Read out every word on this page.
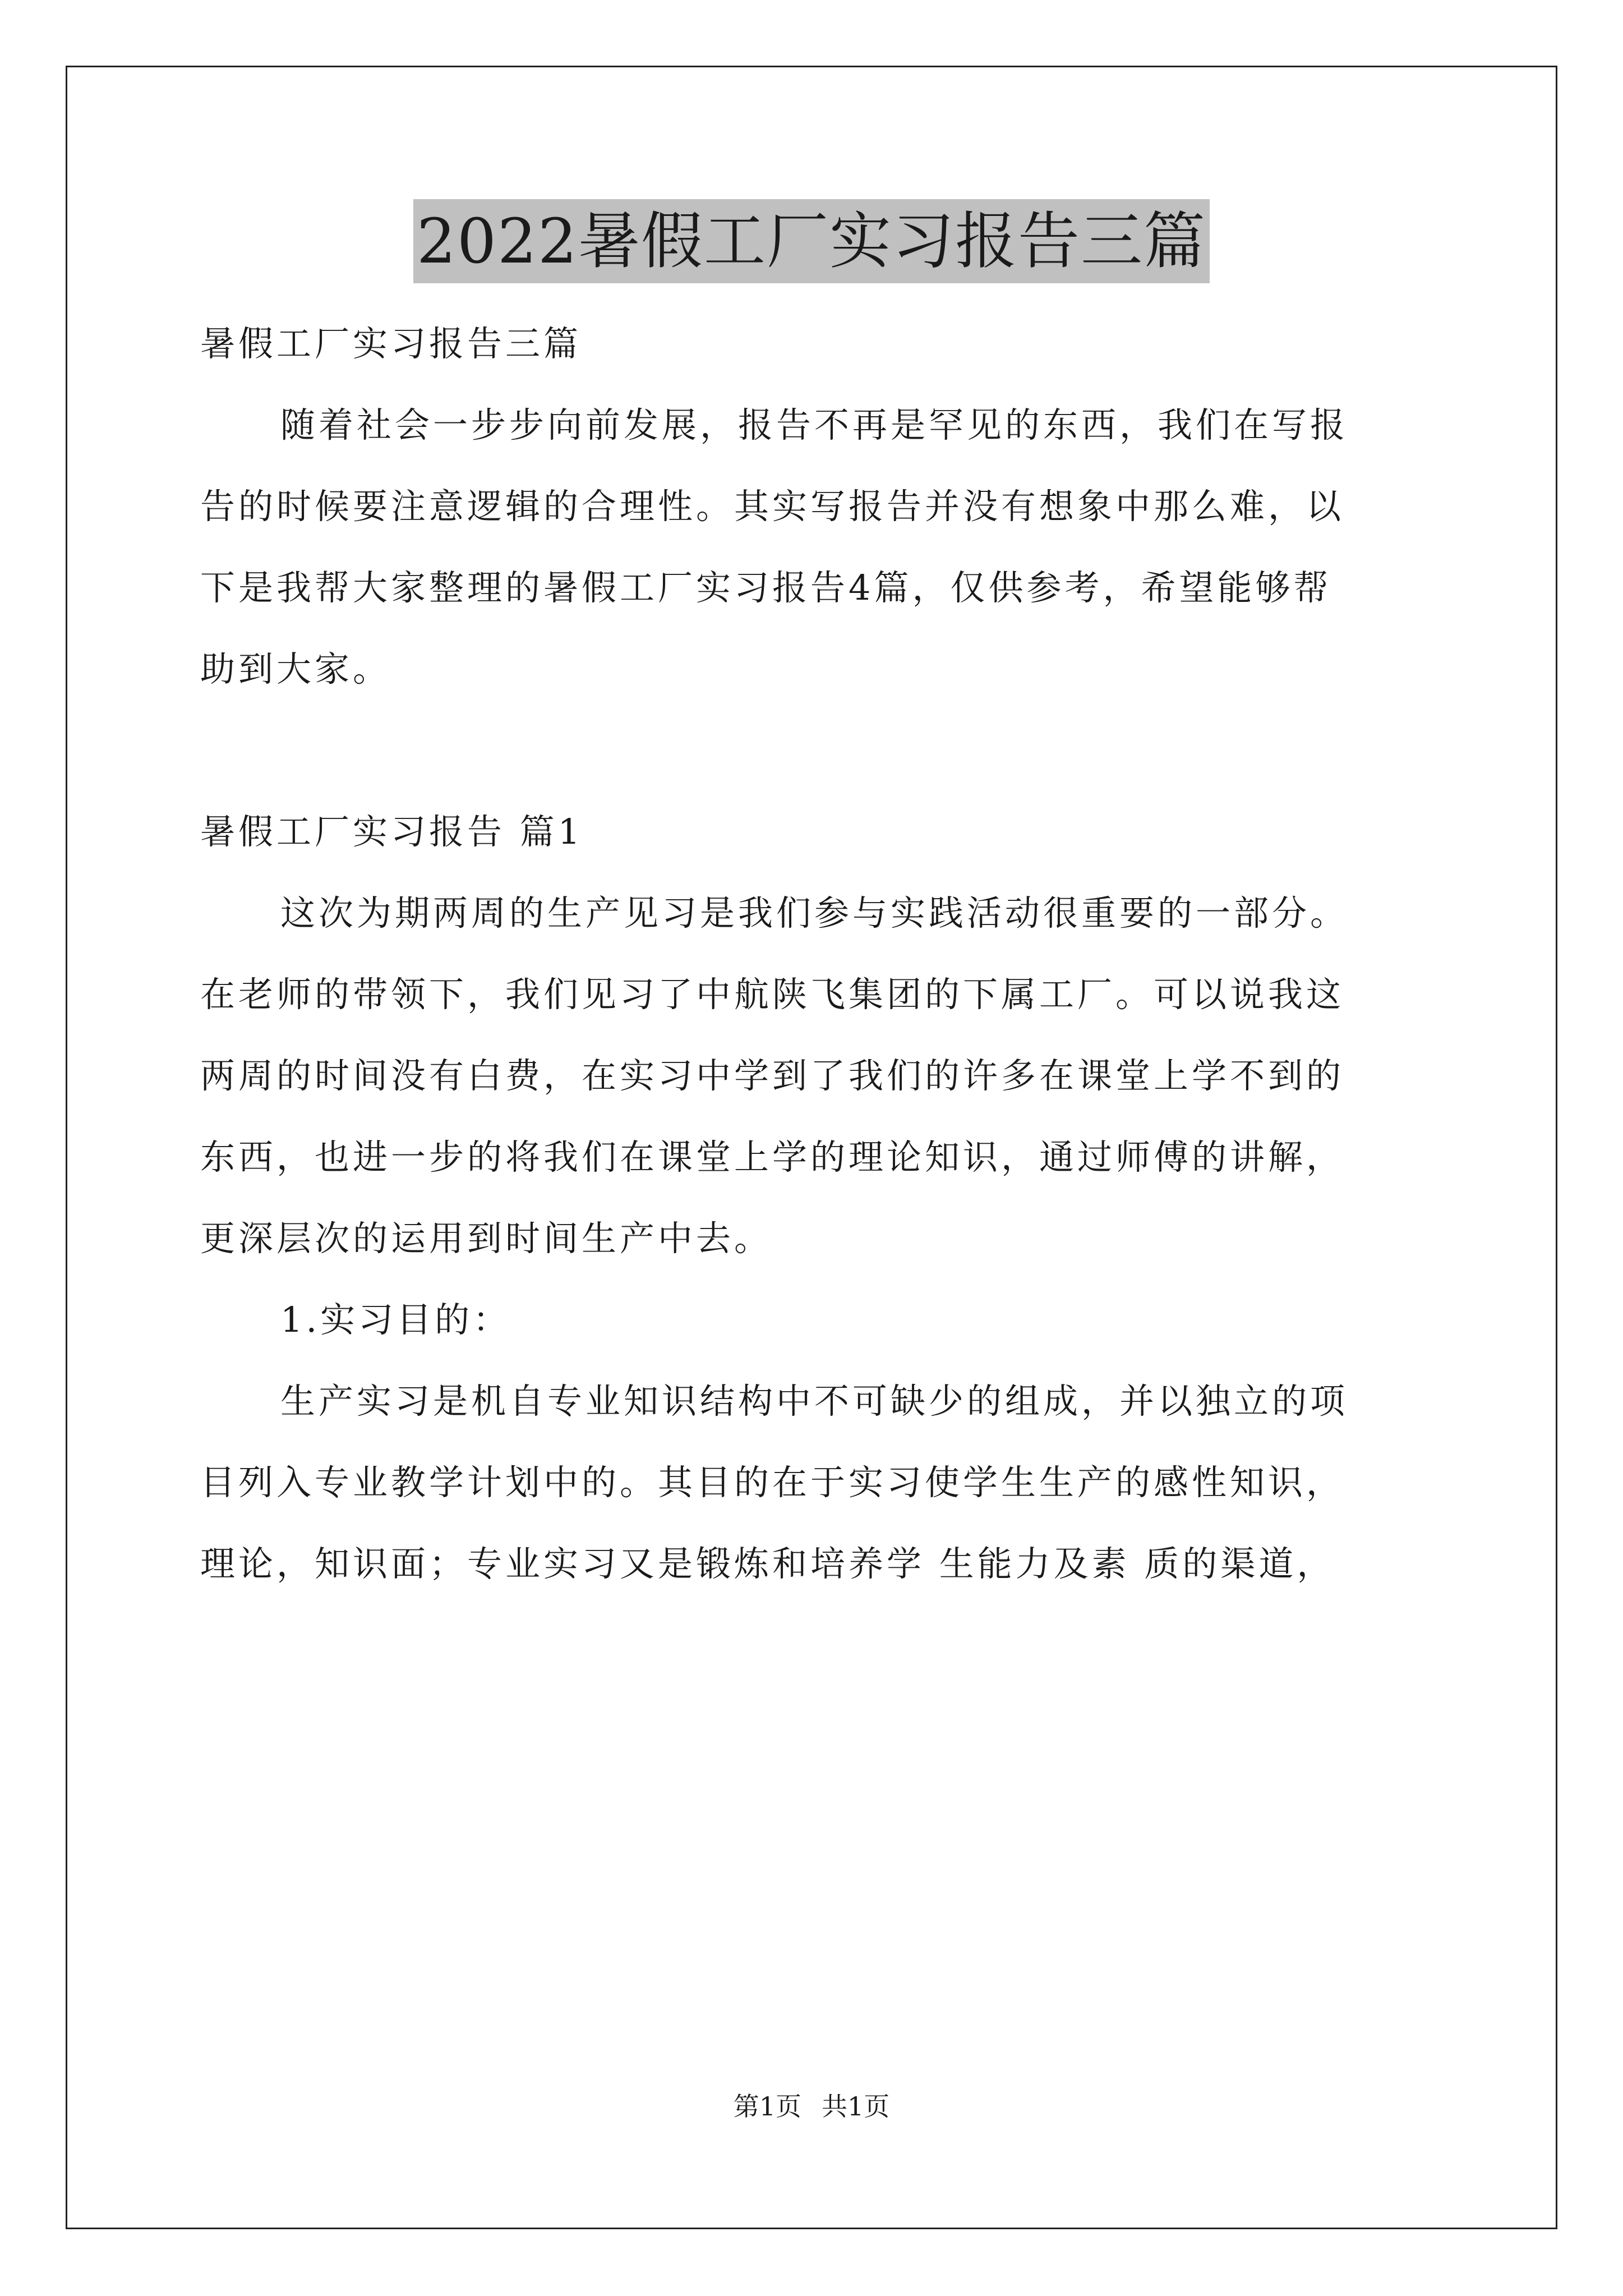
2022暑假工厂实习报告三篇
暑假工厂实习报告三篇
随着社会一步步向前发展，报告不再是罕见的东西，我们在写报
告的时候要注意逻辑的合理性。其实写报告并没有想象中那么难，以
下是我帮大家整理的暑假工厂实习报告4篇，仅供参考，希望能够帮
助到大家。
暑假工厂实习报告 篇1
这次为期两周的生产见习是我们参与实践活动很重要的一部分。
在老师的带领下，我们见习了中航陕飞集团的下属工厂。可以说我这
两周的时间没有白费，在实习中学到了我们的许多在课堂上学不到的
东西，也进一步的将我们在课堂上学的理论知识，通过师傅的讲解，
更深层次的运用到时间生产中去。
1.实习目的：
生产实习是机自专业知识结构中不可缺少的组成，并以独立的项
目列入专业教学计划中的。其目的在于实习使学生生产的感性知识，
理论，知识面；专业实习又是锻炼和培养学 生能力及素 质的渠道，
第1页 共1页
